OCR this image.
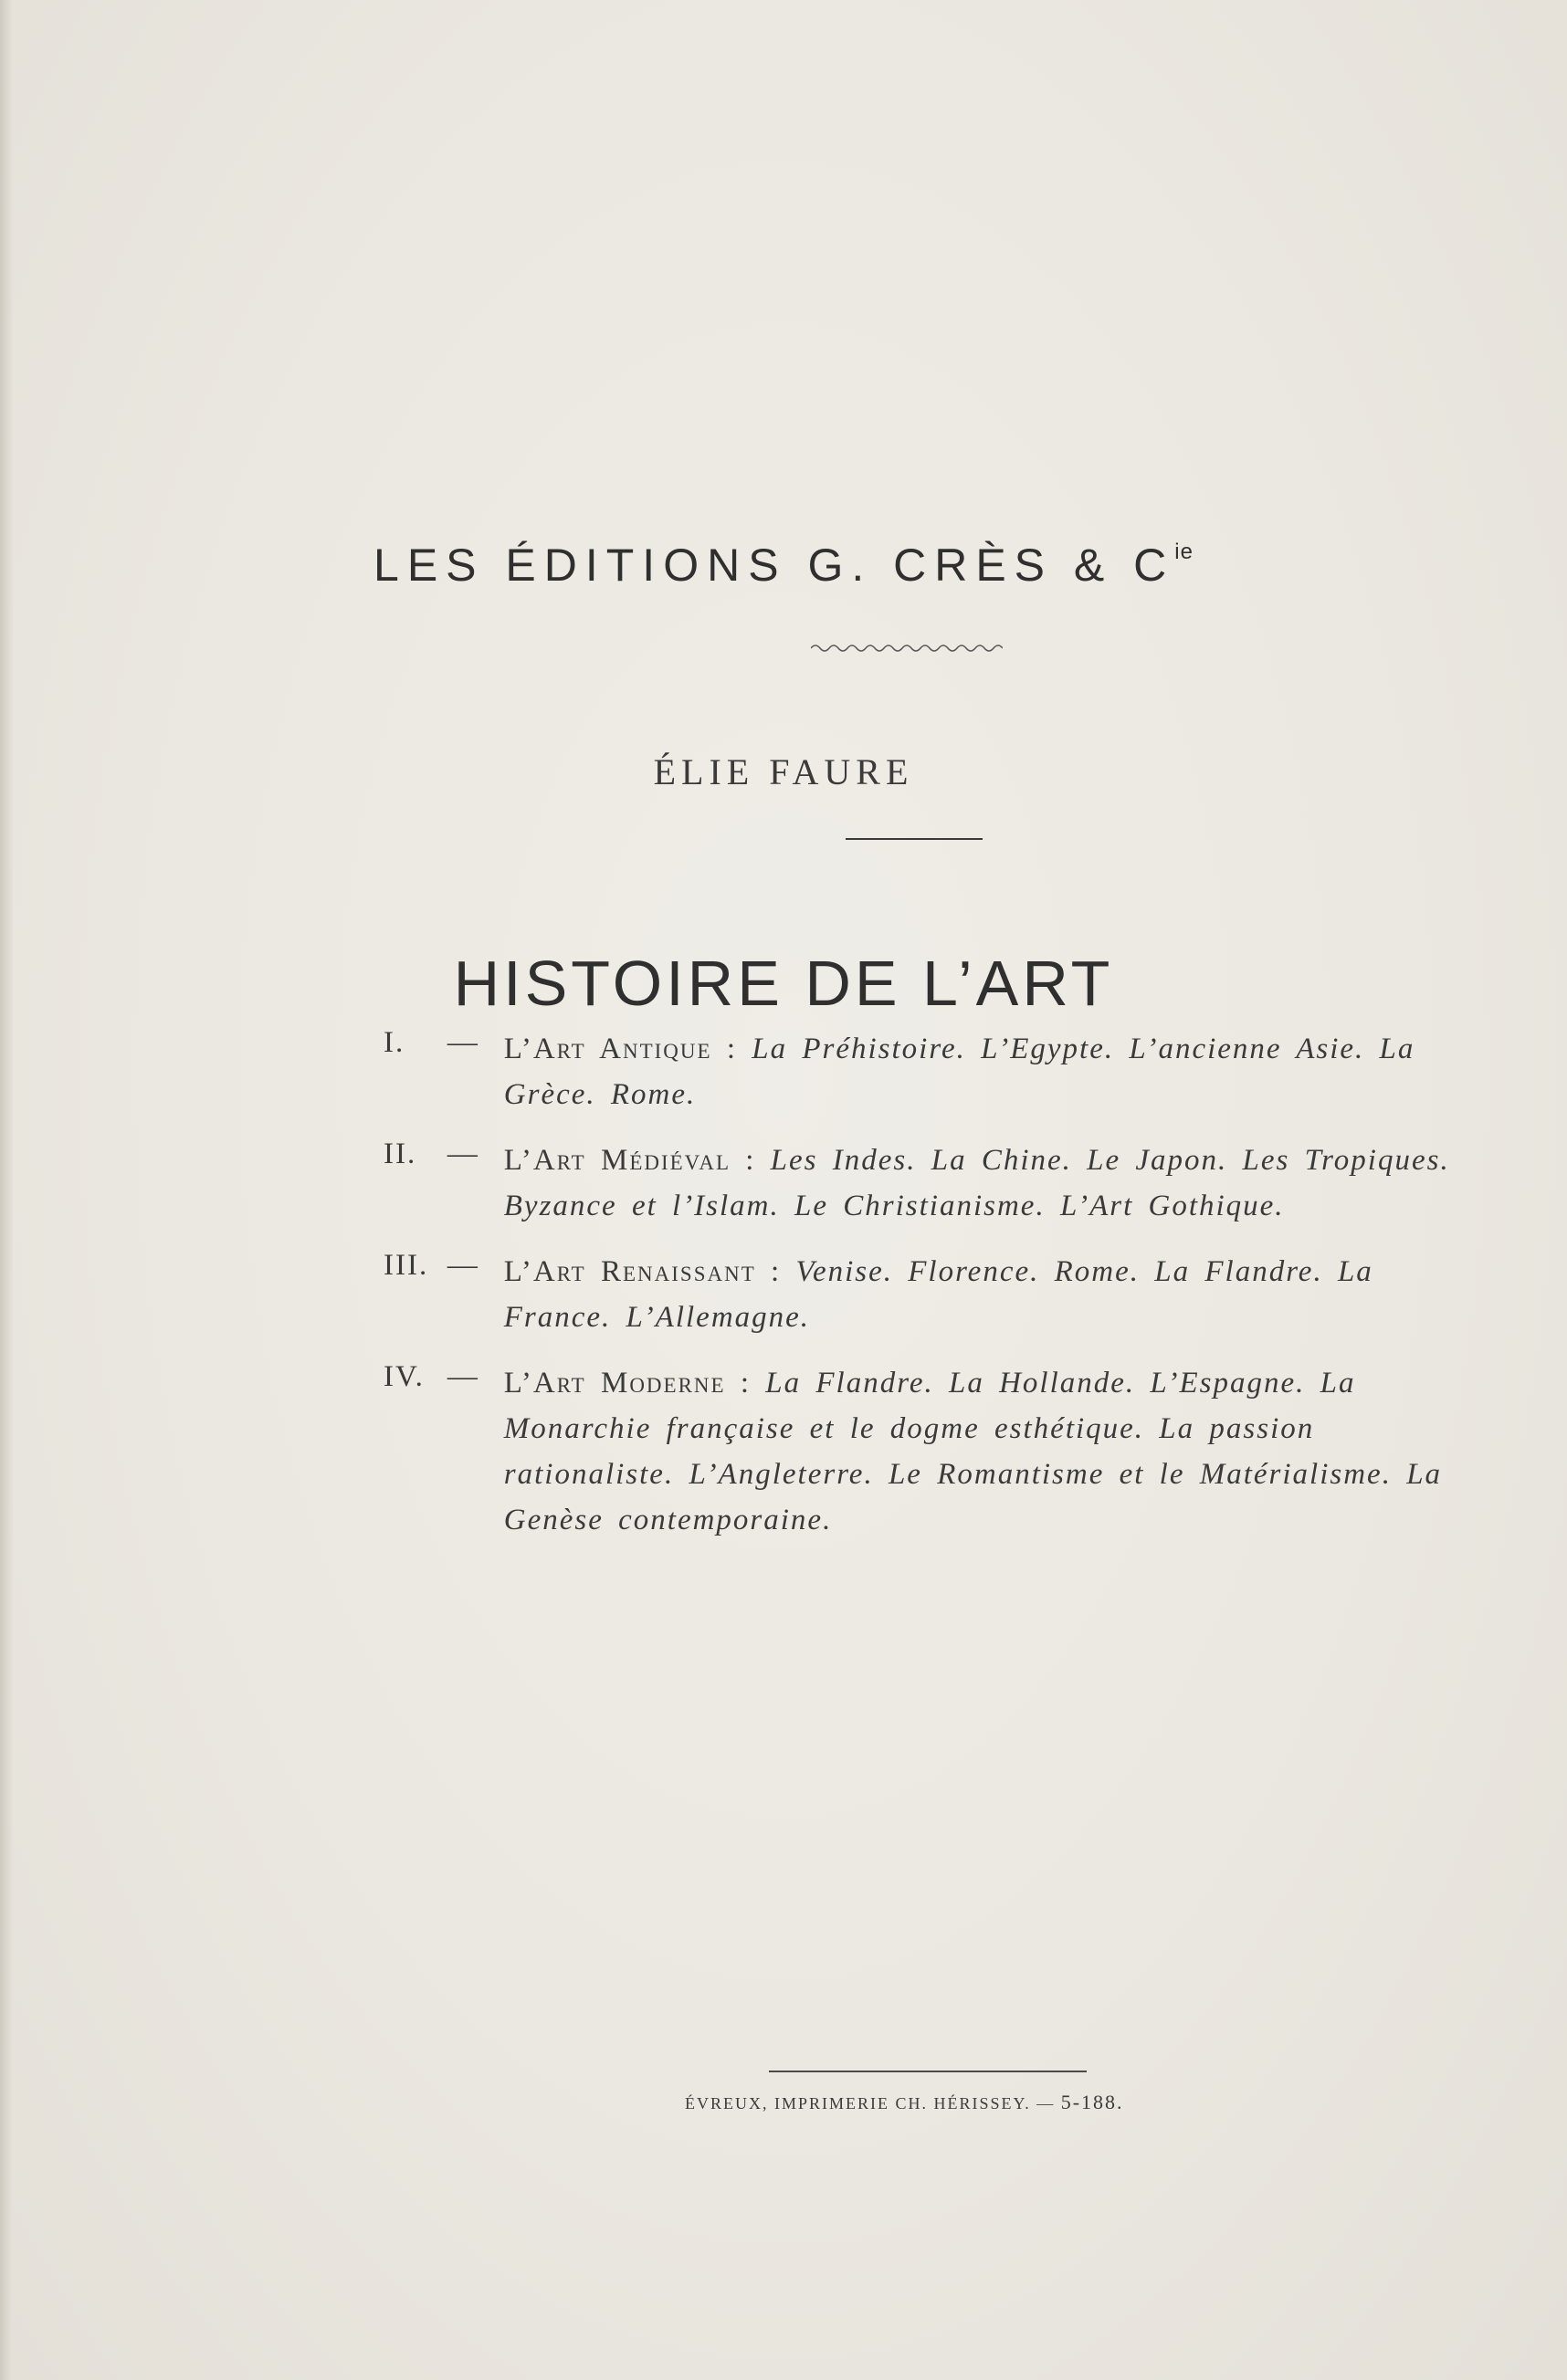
LES ÉDITIONS G. CRÈS & $C^{ie}$
ÉLIE FAURE
HISTOIRE DE L’ART
I.	— L’Art Antique : La Préhistoire. L’Egypte. L’ancienne Asie. La Grèce. Rome.
II.	— L’Art Médiéval : Les Indes. La Chine. Le Japon. Les Tropiques. Byzance et l’Islam. Le Christianisme. L’Art Gothique.
III. — L’Art Renaissant : Venise. Florence. Rome. La Flandre. La France. L’Allemagne.
IV. — L’Art Moderne : La Flandre. La Hollande. L’Espagne. La Monarchie française et le dogme esthétique. La passion rationaliste. L’Angleterre. Le Romantisme et le Matérialisme. La Genèse contemporaine.
ÉVREUX, IMPRIMERIE CH. HÉRISSEY. — 5-188.
